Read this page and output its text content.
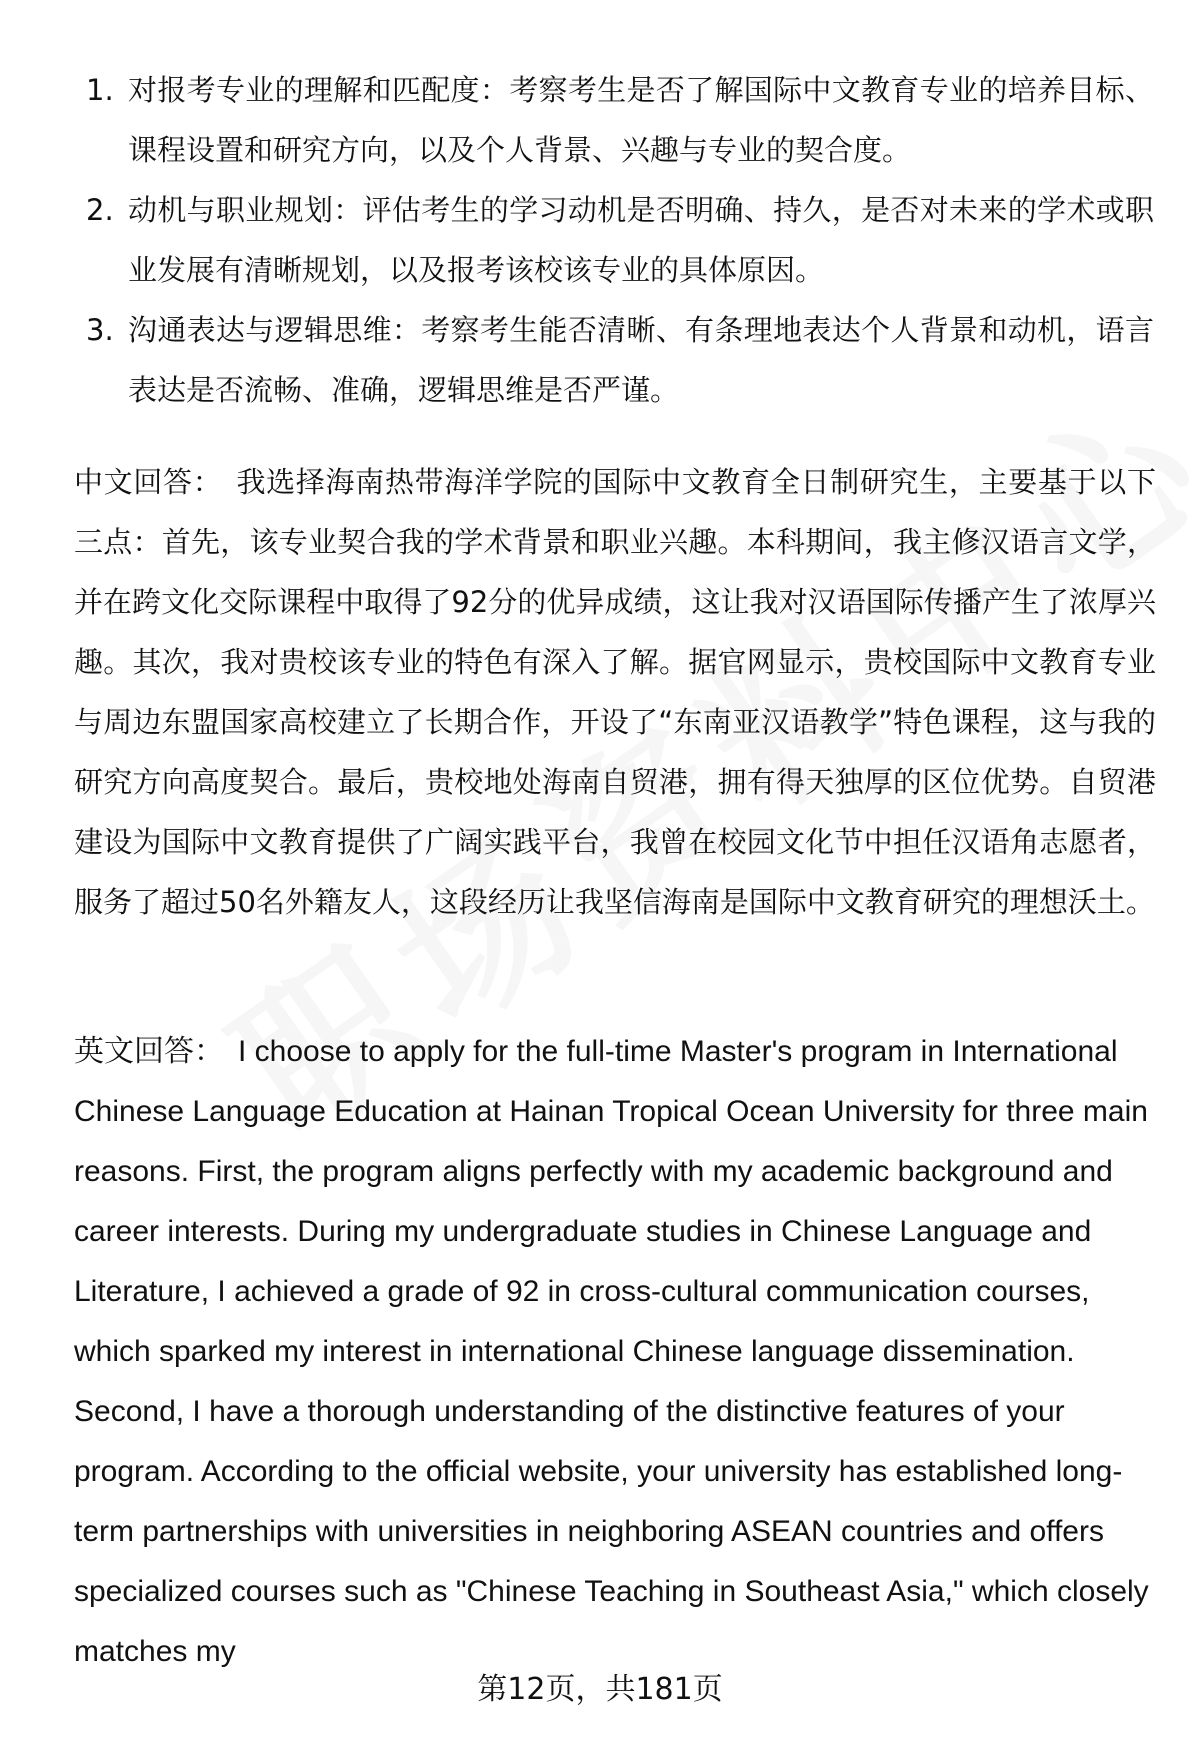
1. 对报考专业的理解和匹配度：考察考生是否了解国际中文教育专业的培养目标、课程设置和研究方向，以及个人背景、兴趣与专业的契合度。
2. 动机与职业规划：评估考生的学习动机是否明确、持久，是否对未来的学术或职业发展有清晰规划，以及报考该校该专业的具体原因。
3. 沟通表达与逻辑思维：考察考生能否清晰、有条理地表达个人背景和动机，语言表达是否流畅、准确，逻辑思维是否严谨。

中文回答： 我选择海南热带海洋学院的国际中文教育全日制研究生，主要基于以下三点：首先，该专业契合我的学术背景和职业兴趣。本科期间，我主修汉语言文学，并在跨文化交际课程中取得了92分的优异成绩，这让我对汉语国际传播产生了浓厚兴趣。其次，我对贵校该专业的特色有深入了解。据官网显示，贵校国际中文教育专业与周边东盟国家高校建立了长期合作，开设了“东南亚汉语教学”特色课程，这与我的研究方向高度契合。最后，贵校地处海南自贸港，拥有得天独厚的区位优势。自贸港建设为国际中文教育提供了广阔实践平台，我曾在校园文化节中担任汉语角志愿者，服务了超过50名外籍友人，这段经历让我坚信海南是国际中文教育研究的理想沃土。

英文回答： I choose to apply for the full-time Master's program in International Chinese Language Education at Hainan Tropical Ocean University for three main reasons. First, the program aligns perfectly with my academic background and career interests. During my undergraduate studies in Chinese Language and Literature, I achieved a grade of 92 in cross-cultural communication courses, which sparked my interest in international Chinese language dissemination. Second, I have a thorough understanding of the distinctive features of your program. According to the official website, your university has established long-term partnerships with universities in neighboring ASEAN countries and offers specialized courses such as "Chinese Teaching in Southeast Asia," which closely matches my

第12页，共181页
